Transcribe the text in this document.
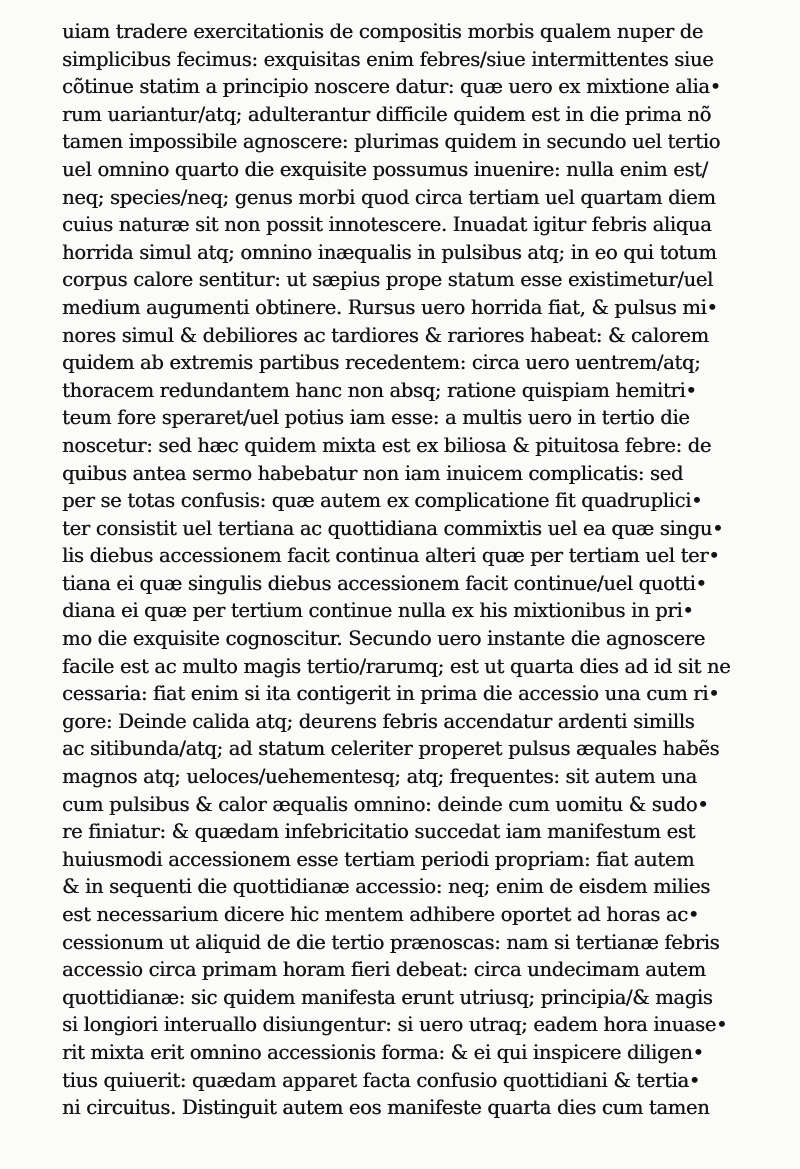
uiam tradere exercitationis de compositis morbis qualem nuper de
simplicibus fecimus: exquisitas enim febres/siue intermittentes siue
cõtinue statim a principio noscere datur: quæ uero ex mixtione alia•
rum uariantur/atq; adulterantur difficile quidem est in die prima nõ
tamen impossibile agnoscere: plurimas quidem in secundo uel tertio
uel omnino quarto die exquisite possumus inuenire: nulla enim est/
neq; species/neq; genus morbi quod circa tertiam uel quartam diem
cuius naturæ sit non possit innotescere. Inuadat igitur febris aliqua
horrida simul atq; omnino inæqualis in pulsibus atq; in eo qui totum
corpus calore sentitur: ut sæpius prope statum esse existimetur/uel
medium augumenti obtinere. Rursus uero horrida fiat, & pulsus mi•
nores simul & debiliores ac tardiores & rariores habeat: & calorem
quidem ab extremis partibus recedentem: circa uero uentrem/atq;
thoracem redundantem hanc non absq; ratione quispiam hemitri•
teum fore speraret/uel potius iam esse: a multis uero in tertio die
noscetur: sed hæc quidem mixta est ex biliosa & pituitosa febre: de
quibus antea sermo habebatur non iam inuicem complicatis: sed
per se totas confusis: quæ autem ex complicatione fit quadruplici•
ter consistit uel tertiana ac quottidiana commixtis uel ea quæ singu•
lis diebus accessionem facit continua alteri quæ per tertiam uel ter•
tiana ei quæ singulis diebus accessionem facit continue/uel quotti•
diana ei quæ per tertium continue nulla ex his mixtionibus in pri•
mo die exquisite cognoscitur. Secundo uero instante die agnoscere
facile est ac multo magis tertio/rarumq; est ut quarta dies ad id sit ne
cessaria: fiat enim si ita contigerit in prima die accessio una cum ri•
gore: Deinde calida atq; deurens febris accendatur ardenti simills
ac sitibunda/atq; ad statum celeriter properet pulsus æquales habẽs
magnos atq; ueloces/uehementesq; atq; frequentes: sit autem una
cum pulsibus & calor æqualis omnino: deinde cum uomitu & sudo•
re finiatur: & quædam infebricitatio succedat iam manifestum est
huiusmodi accessionem esse tertiam periodi propriam: fiat autem
& in sequenti die quottidianæ accessio: neq; enim de eisdem milies
est necessarium dicere hic mentem adhibere oportet ad horas ac•
cessionum ut aliquid de die tertio prænoscas: nam si tertianæ febris
accessio circa primam horam fieri debeat: circa undecimam autem
quottidianæ: sic quidem manifesta erunt utriusq; principia/& magis
si longiori interuallo disiungentur: si uero utraq; eadem hora inuase•
rit mixta erit omnino accessionis forma: & ei qui inspicere diligen•
tius quiuerit: quædam apparet facta confusio quottidiani & tertia•
ni circuitus. Distinguit autem eos manifeste quarta dies cum tamen
